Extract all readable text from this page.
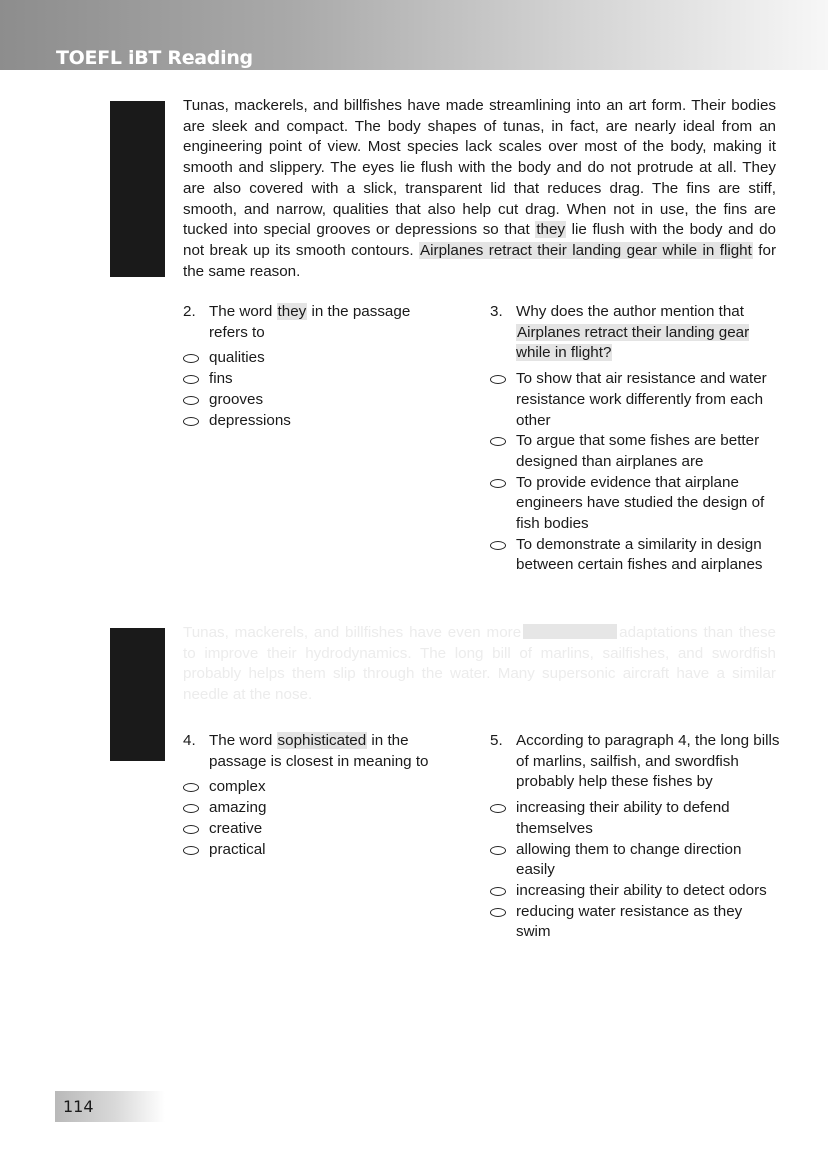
TOEFL iBT Reading

Tunas, mackerels, and billfishes have made streamlining into an art form. Their bodies are sleek and compact. The body shapes of tunas, in fact, are nearly ideal from an engineering point of view. Most species lack scales over most of the body, making it smooth and slippery. The eyes lie flush with the body and do not protrude at all. They are also covered with a slick, transparent lid that reduces drag. The fins are stiff, smooth, and narrow, qualities that also help cut drag. When not in use, the fins are tucked into special grooves or depressions so that they lie flush with the body and do not break up its smooth contours. Airplanes retract their landing gear while in flight for the same reason.

2. The word they in the passage refers to
qualities
fins
grooves
depressions
3. Why does the author mention that Airplanes retract their landing gear while in flight?
To show that air resistance and water resistance work differently from each other
To argue that some fishes are better designed than airplanes are
To provide evidence that airplane engineers have studied the design of fish bodies
To demonstrate a similarity in design between certain fishes and airplanes

Tunas, mackerels, and billfishes have even more	adaptations than these to improve their hydrodynamics. The long bill of marlins, sailfishes, and swordfish probably helps them slip through the water. Many supersonic aircraft have a similar needle at the nose.

4. The word sophisticated in the passage is closest in meaning to
complex
amazing
creative
practical
5. According to paragraph 4, the long bills of marlins, sailfish, and swordfish probably help these fishes by
increasing their ability to defend themselves
allowing them to change direction easily
increasing their ability to detect odors
reducing water resistance as they swim
114
